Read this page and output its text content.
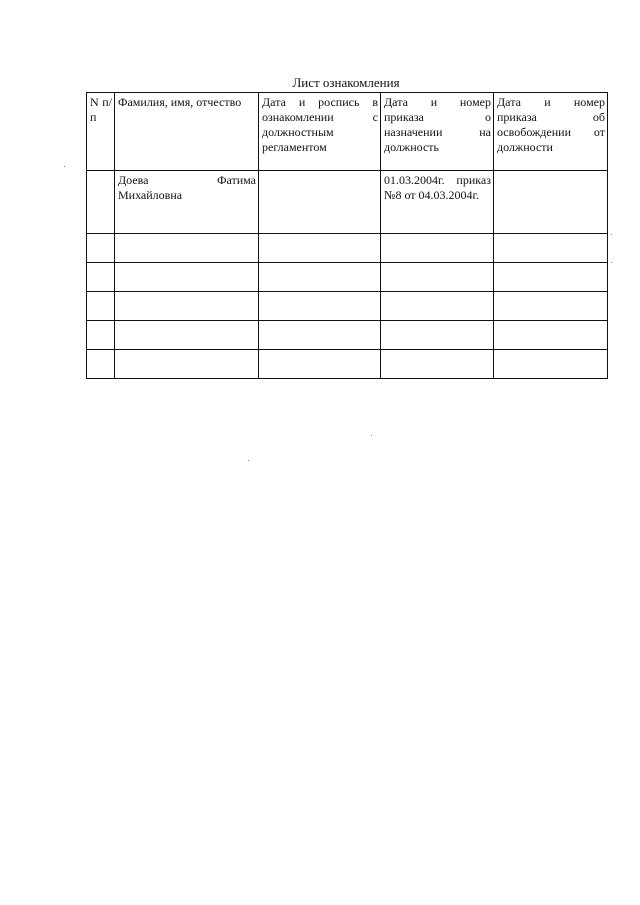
Лист ознакомления
N п/п	Фамилия, имя, отчество	Дата и роспись в ознакомлении с должностным регламентом	Дата и номер приказа о назначении на должность	Дата и номер приказа об освобождении от должности
	Доева Фатима Михайловна		01.03.2004г. приказ №8 от 04.03.2004г.	
